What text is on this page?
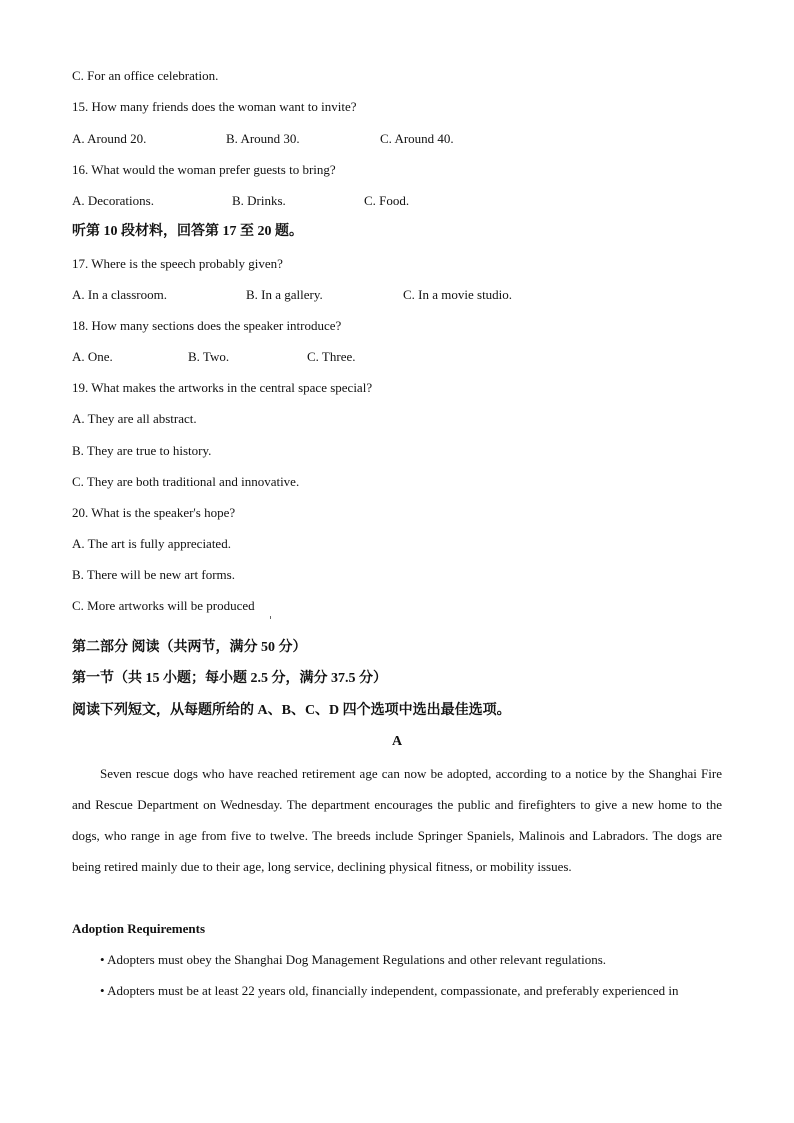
C. For an office celebration.
15. How many friends does the woman want to invite?
A. Around 20.	B. Around 30.	C. Around 40.
16. What would the woman prefer guests to bring?
A. Decorations.	B. Drinks.	C. Food.
听第 10 段材料，回答第 17 至 20 题。
17. Where is the speech probably given?
A. In a classroom.	B. In a gallery.	C. In a movie studio.
18. How many sections does the speaker introduce?
A. One.	B. Two.	C. Three.
19. What makes the artworks in the central space special?
A. They are all abstract.
B. They are true to history.
C. They are both traditional and innovative.
20. What is the speaker's hope?
A. The art is fully appreciated.
B. There will be new art forms.
C. More artworks will be produced
第二部分 阅读（共两节，满分 50 分）
第一节（共 15 小题；每小题 2.5 分，满分 37.5 分）
阅读下列短文，从每题所给的 A、B、C、D 四个选项中选出最佳选项。
A
Seven rescue dogs who have reached retirement age can now be adopted, according to a notice by the Shanghai Fire and Rescue Department on Wednesday. The department encourages the public and firefighters to give a new home to the dogs, who range in age from five to twelve. The breeds include Springer Spaniels, Malinois and Labradors. The dogs are being retired mainly due to their age, long service, declining physical fitness, or mobility issues.
Adoption Requirements
• Adopters must obey the Shanghai Dog Management Regulations and other relevant regulations.
• Adopters must be at least 22 years old, financially independent, compassionate, and preferably experienced in
